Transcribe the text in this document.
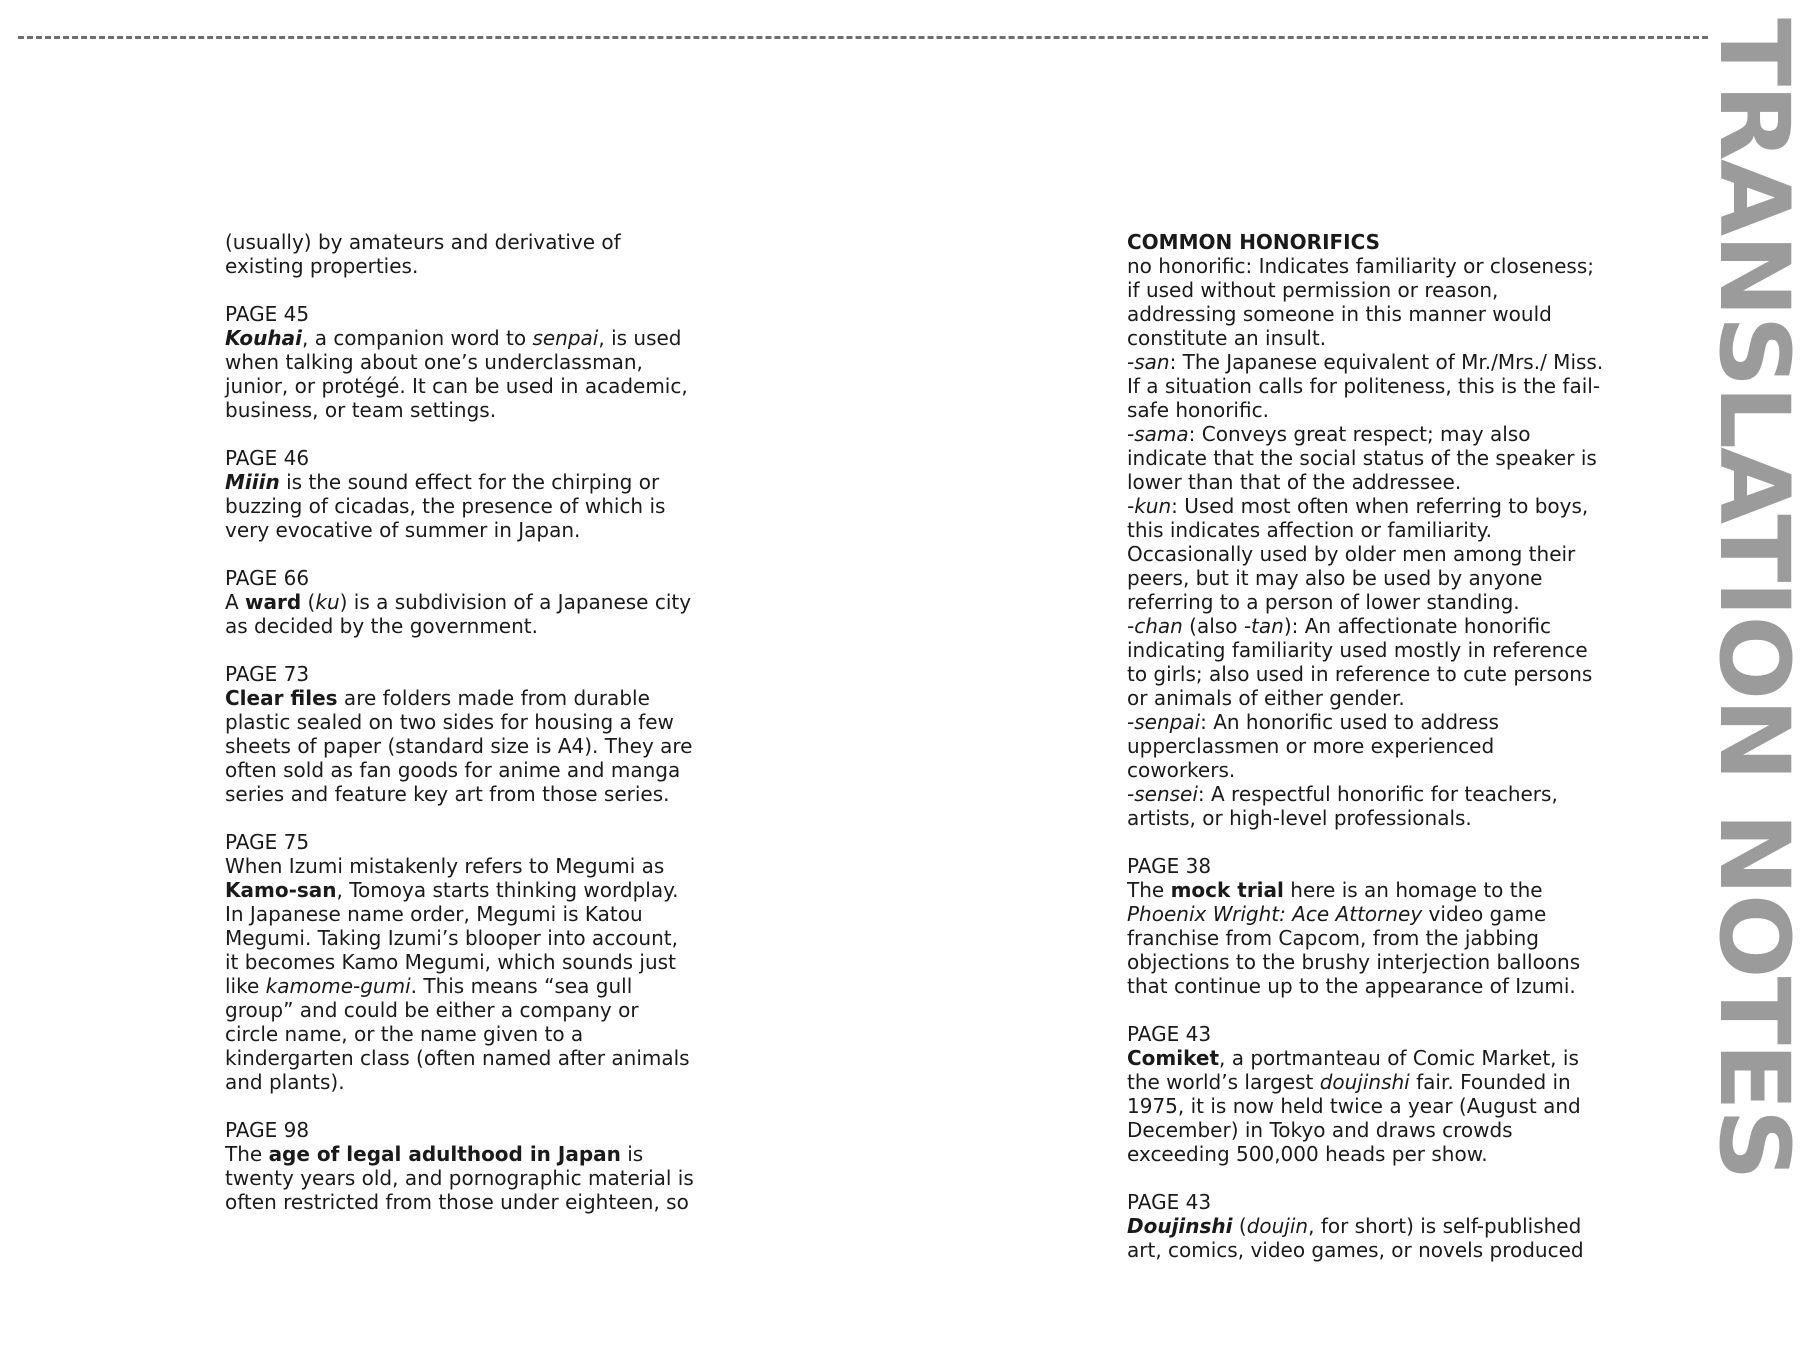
(usually) by amateurs and derivative of existing properties.

PAGE 45

Kouhai, a companion word to senpai, is used when talking about one’s underclassman, junior, or protégé. It can be used in academic, business, or team settings.

PAGE 46

Miiin is the sound effect for the chirping or buzzing of cicadas, the presence of which is very evocative of summer in Japan.

PAGE 66

A ward (ku) is a subdivision of a Japanese city as decided by the government.

PAGE 73

Clear files are folders made from durable plastic sealed on two sides for housing a few sheets of paper (standard size is A4). They are often sold as fan goods for anime and manga series and feature key art from those series.

PAGE 75

When Izumi mistakenly refers to Megumi as Kamo-san, Tomoya starts thinking wordplay. In Japanese name order, Megumi is Katou Megumi. Taking Izumi’s blooper into account, it becomes Kamo Megumi, which sounds just like kamome-gumi. This means “sea gull group” and could be either a company or circle name, or the name given to a kindergarten class (often named after animals and plants).

PAGE 98

The age of legal adulthood in Japan is twenty years old, and pornographic material is often restricted from those under eighteen, so

COMMON HONORIFICS

no honorific: Indicates familiarity or closeness; if used without permission or reason, addressing someone in this manner would constitute an insult.

-san: The Japanese equivalent of Mr./Mrs./ Miss. If a situation calls for politeness, this is the fail-safe honorific.

-sama: Conveys great respect; may also indicate that the social status of the speaker is lower than that of the addressee.

-kun: Used most often when referring to boys, this indicates affection or familiarity. Occasionally used by older men among their peers, but it may also be used by anyone referring to a person of lower standing.

-chan (also -tan): An affectionate honorific indicating familiarity used mostly in reference to girls; also used in reference to cute persons or animals of either gender.

-senpai: An honorific used to address upperclassmen or more experienced coworkers.

-sensei: A respectful honorific for teachers, artists, or high-level professionals.

PAGE 38

The mock trial here is an homage to the Phoenix Wright: Ace Attorney video game franchise from Capcom, from the jabbing objections to the brushy interjection balloons that continue up to the appearance of Izumi.

PAGE 43

Comiket, a portmanteau of Comic Market, is the world’s largest doujinshi fair. Founded in 1975, it is now held twice a year (August and December) in Tokyo and draws crowds exceeding 500,000 heads per show.

PAGE 43

Doujinshi (doujin, for short) is self-published art, comics, video games, or novels produced

TRANSLATION NOTES
